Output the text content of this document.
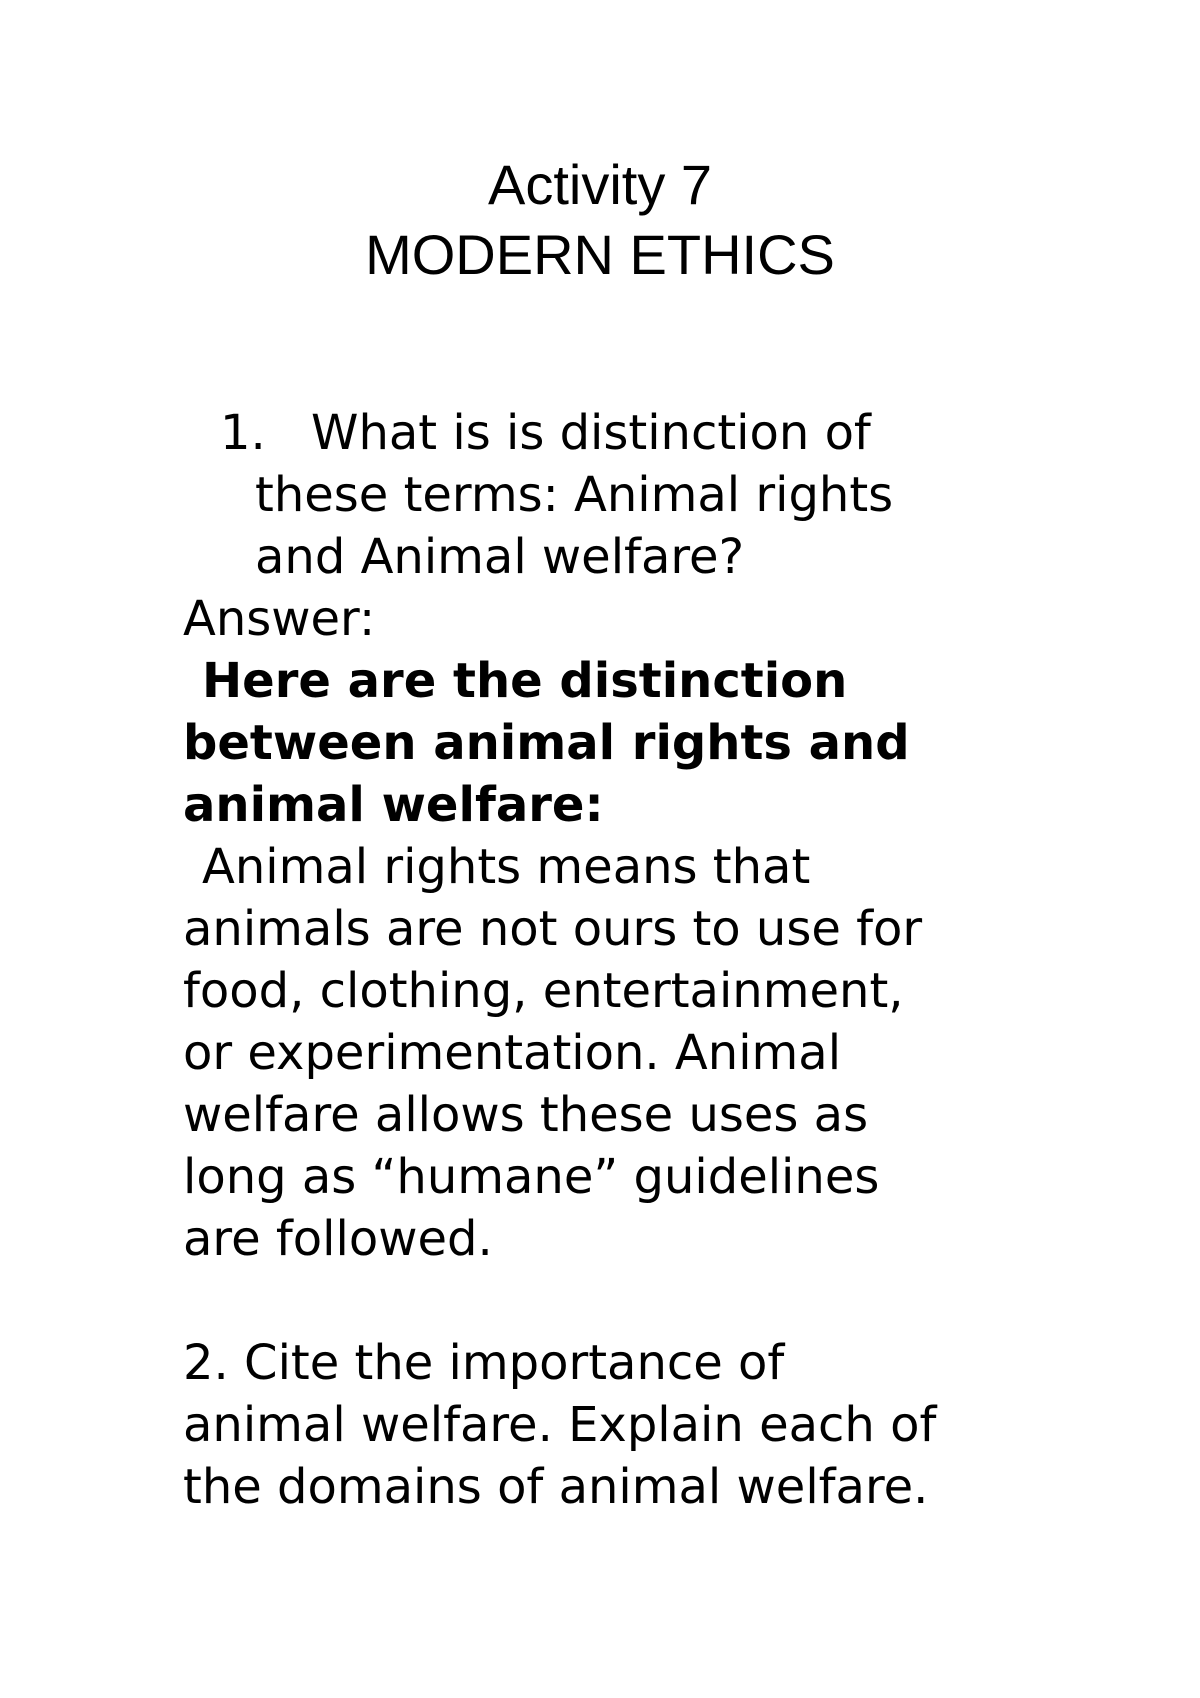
Activity 7
MODERN ETHICS
1. What is is distinction of
these terms: Animal rights
and Animal welfare?
Answer:
Here are the distinction
between animal rights and
animal welfare:
Animal rights means that
animals are not ours to use for
food, clothing, entertainment,
or experimentation. Animal
welfare allows these uses as
long as “humane” guidelines
are followed.
2. Cite the importance of
animal welfare. Explain each of
the domains of animal welfare.
